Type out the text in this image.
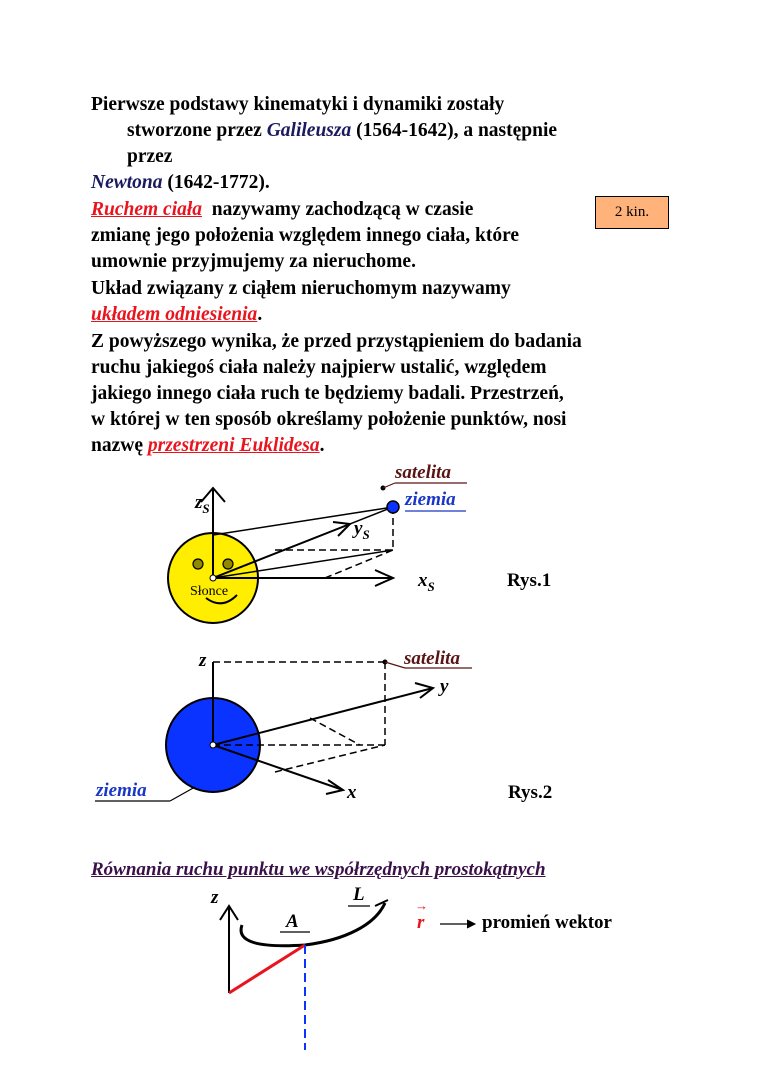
Pierwsze podstawy kinematyki i dynamiki zostały

stworzone przez Galileusza (1564-1642), a następnie

przez

Newtona (1642-1772).

Ruchem ciała  nazywamy zachodzącą w czasie

zmianę jego położenia względem innego ciała, które

umownie przyjmujemy za nieruchome.

Układ związany z ciąłem nieruchomym nazywamy

układem odniesienia.

Z powyższego wynika, że przed przystąpieniem do badania

ruchu jakiegoś ciała należy najpierw ustalić, względem

jakiego innego ciała ruch te będziemy badali. Przestrzeń,

w której w ten sposób określamy położenie punktów, nosi

nazwę przestrzeni Euklidesa.

2 kin.
$z_S$
$y_S$
$x_S$
satelita
ziemia
Słonce
Rys.1
z
y
x
satelita
ziemia	Rys.2
Równania ruchu punktu we współrzędnych prostokątnych
z
A
L
r
→
promień wektor
